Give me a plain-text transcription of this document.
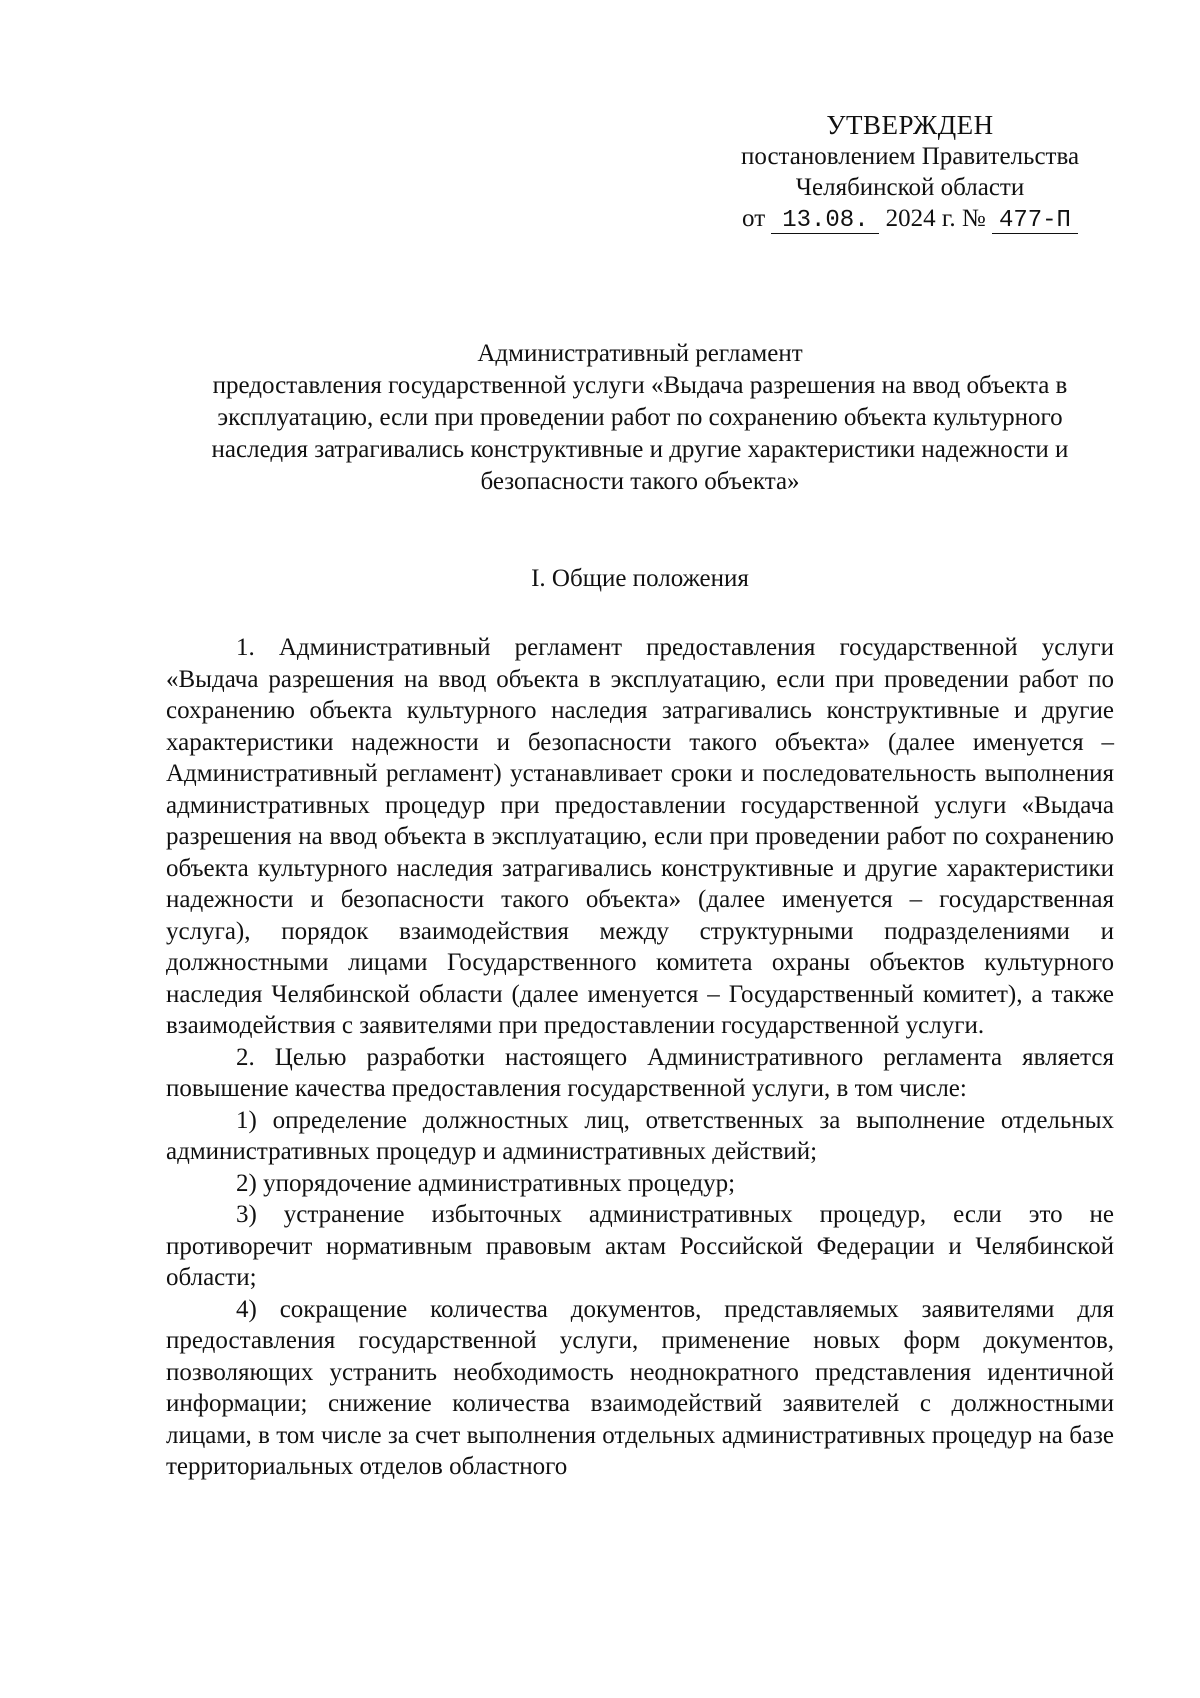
УТВЕРЖДЕН
постановлением Правительства
Челябинской области
от 13.08. 2024 г. № 477-П
Административный регламент
предоставления государственной услуги «Выдача разрешения на ввод объекта в
эксплуатацию, если при проведении работ по сохранению объекта культурного
наследия затрагивались конструктивные и другие характеристики надежности и
безопасности такого объекта»
I. Общие положения

1. Административный регламент предоставления государственной услуги «Выдача разрешения на ввод объекта в эксплуатацию, если при проведении работ по сохранению объекта культурного наследия затрагивались конструктивные и другие характеристики надежности и безопасности такого объекта» (далее именуется – Административный регламент) устанавливает сроки и последовательность выполнения административных процедур при предоставлении государственной услуги «Выдача разрешения на ввод объекта в эксплуатацию, если при проведении работ по сохранению объекта культурного наследия затрагивались конструктивные и другие характеристики надежности и безопасности такого объекта» (далее именуется – государственная услуга), порядок взаимодействия между структурными подразделениями и должностными лицами Государственного комитета охраны объектов культурного наследия Челябинской области (далее именуется – Государственный комитет), а также взаимодействия с заявителями при предоставлении государственной услуги.

2. Целью разработки настоящего Административного регламента является повышение качества предоставления государственной услуги, в том числе:

1) определение должностных лиц, ответственных за выполнение отдельных административных процедур и административных действий;

2) упорядочение административных процедур;

3) устранение избыточных административных процедур, если это не противоречит нормативным правовым актам Российской Федерации и Челябинской области;

4) сокращение количества документов, представляемых заявителями для предоставления государственной услуги, применение новых форм документов, позволяющих устранить необходимость неоднократного представления идентичной информации; снижение количества взаимодействий заявителей с должностными лицами, в том числе за счет выполнения отдельных административных процедур на базе территориальных отделов областного
